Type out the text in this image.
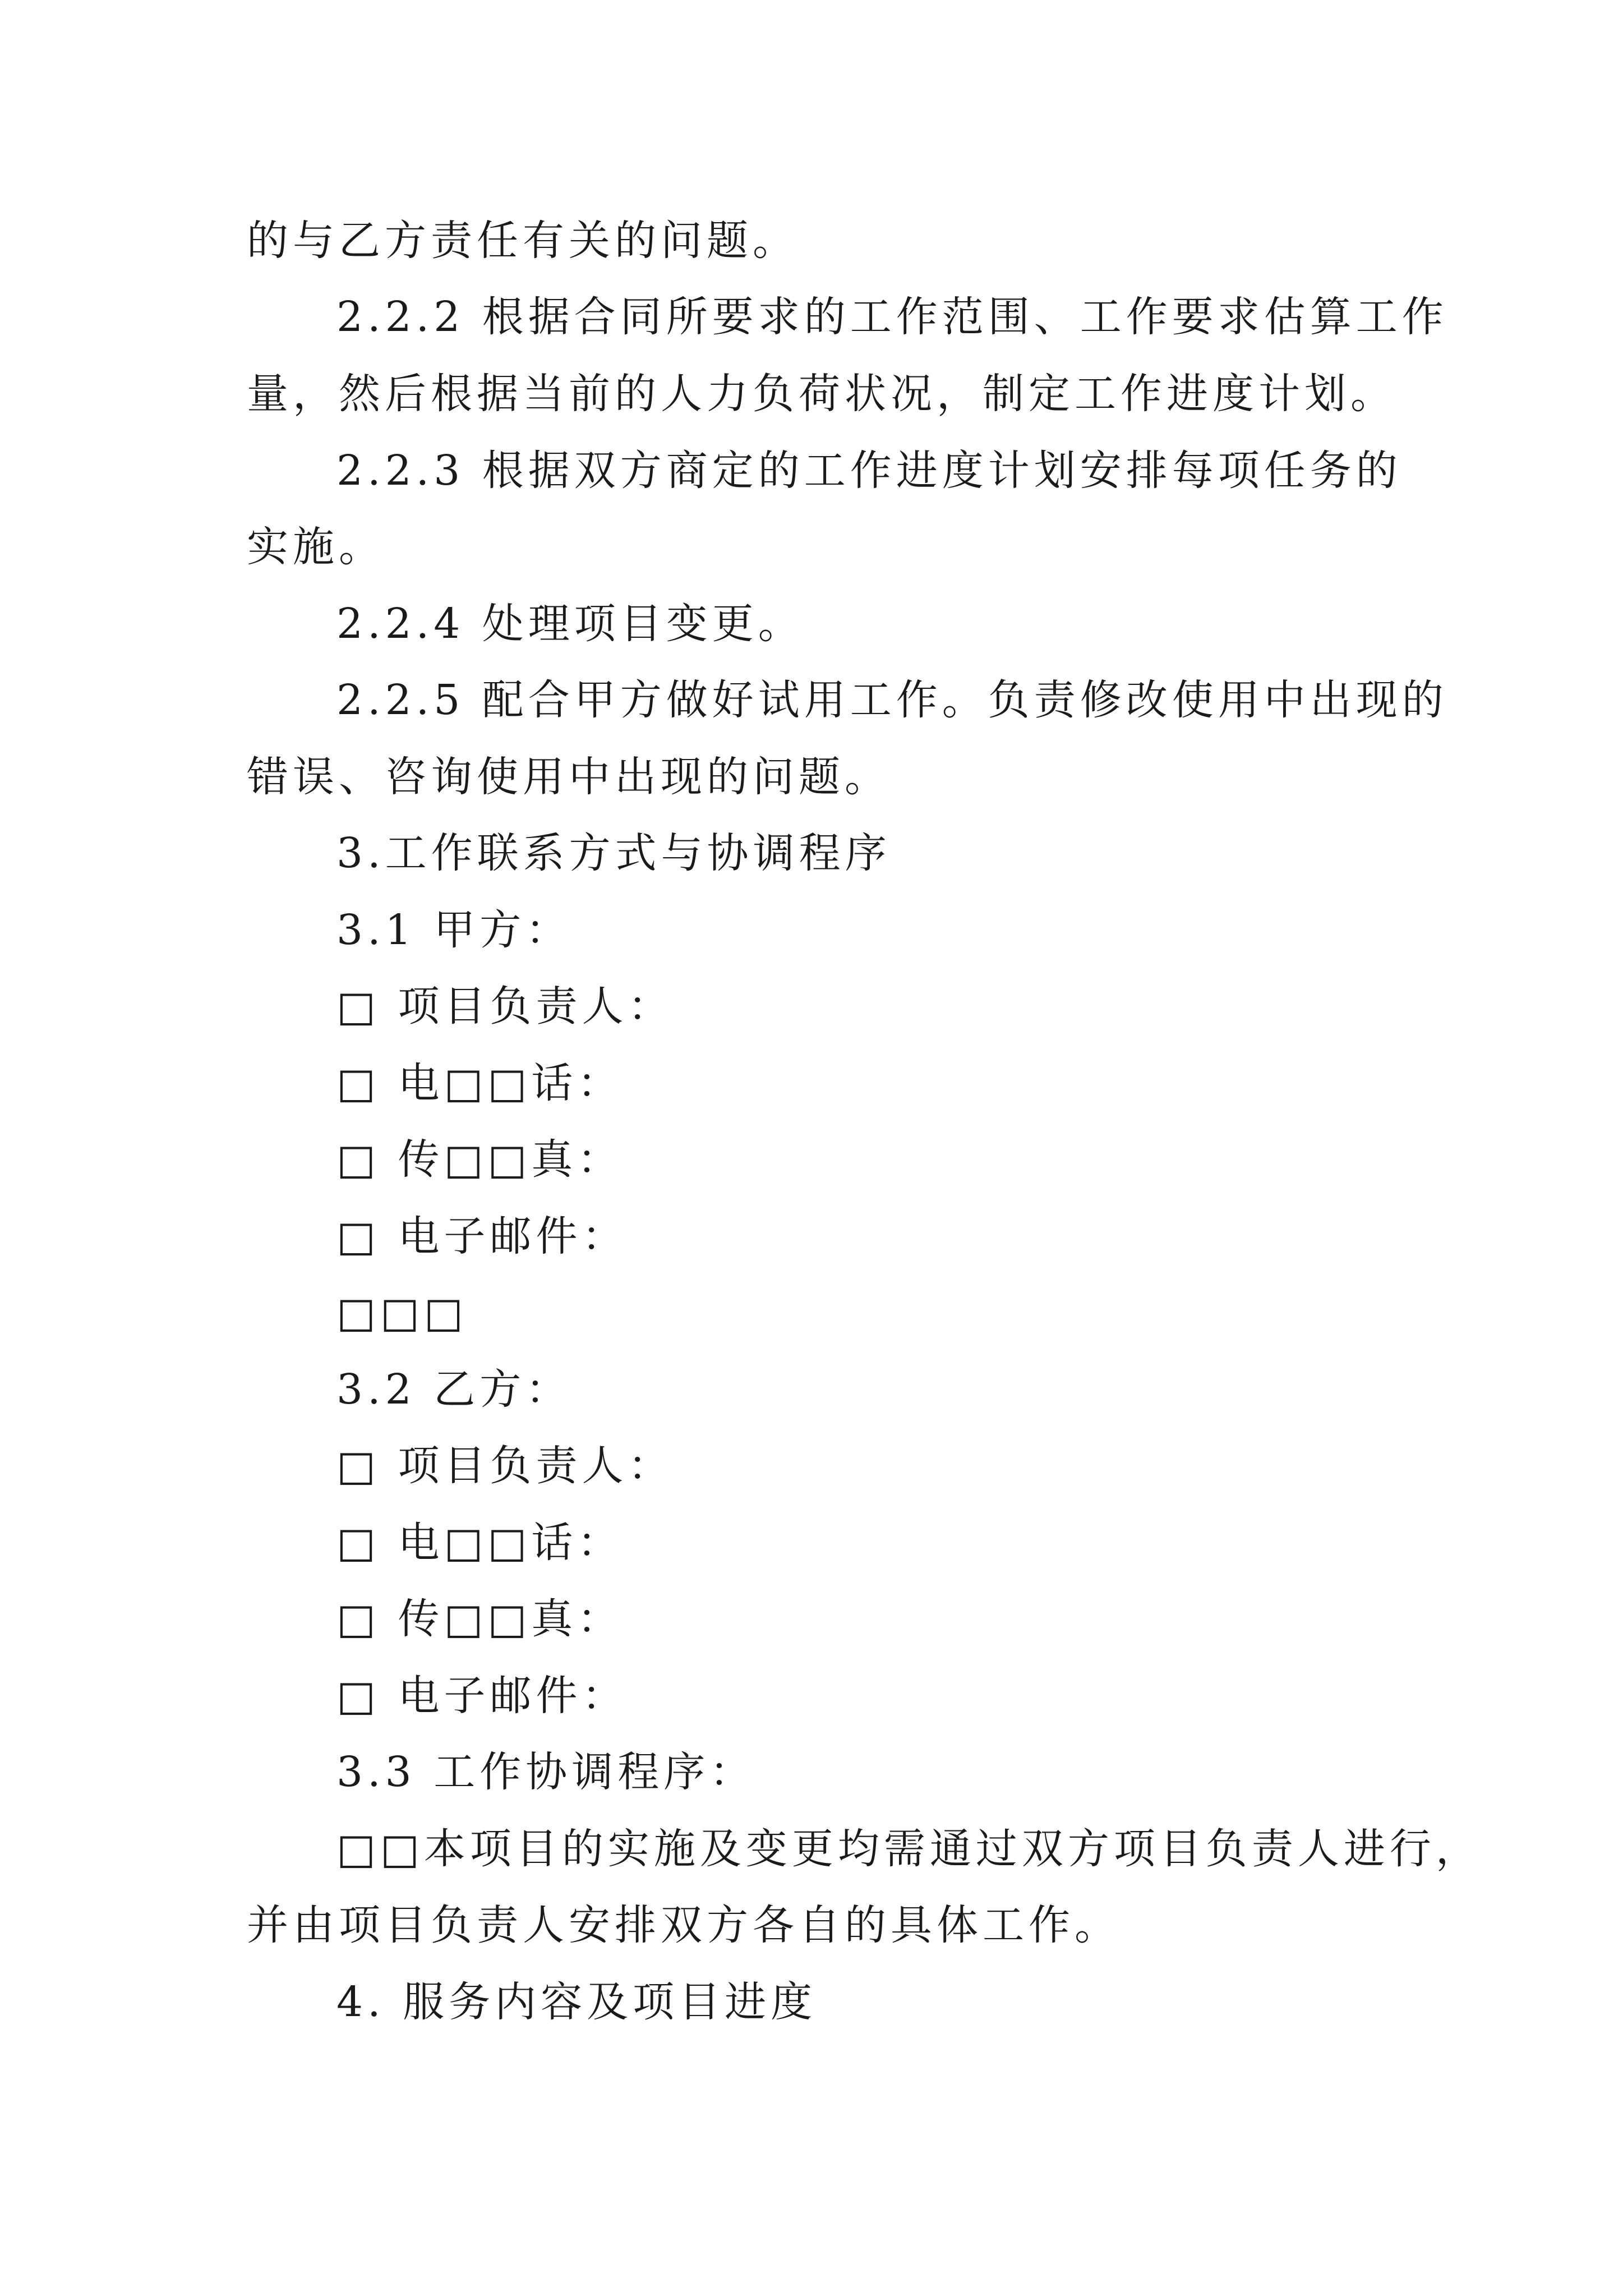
的与乙方责任有关的问题。
2.2.2 根据合同所要求的工作范围、工作要求估算工作
量，然后根据当前的人力负荷状况，制定工作进度计划。
2.2.3 根据双方商定的工作进度计划安排每项任务的
实施。
2.2.4 处理项目变更。
2.2.5 配合甲方做好试用工作。负责修改使用中出现的
错误、咨询使用中出现的问题。
3.工作联系方式与协调程序
3.1 甲方：
□ 项目负责人：
□ 电□□话：
□ 传□□真：
□ 电子邮件：
□□□
3.2 乙方：
□ 项目负责人：
□ 电□□话：
□ 传□□真：
□ 电子邮件：
3.3 工作协调程序：
□□本项目的实施及变更均需通过双方项目负责人进行，
并由项目负责人安排双方各自的具体工作。
4. 服务内容及项目进度
